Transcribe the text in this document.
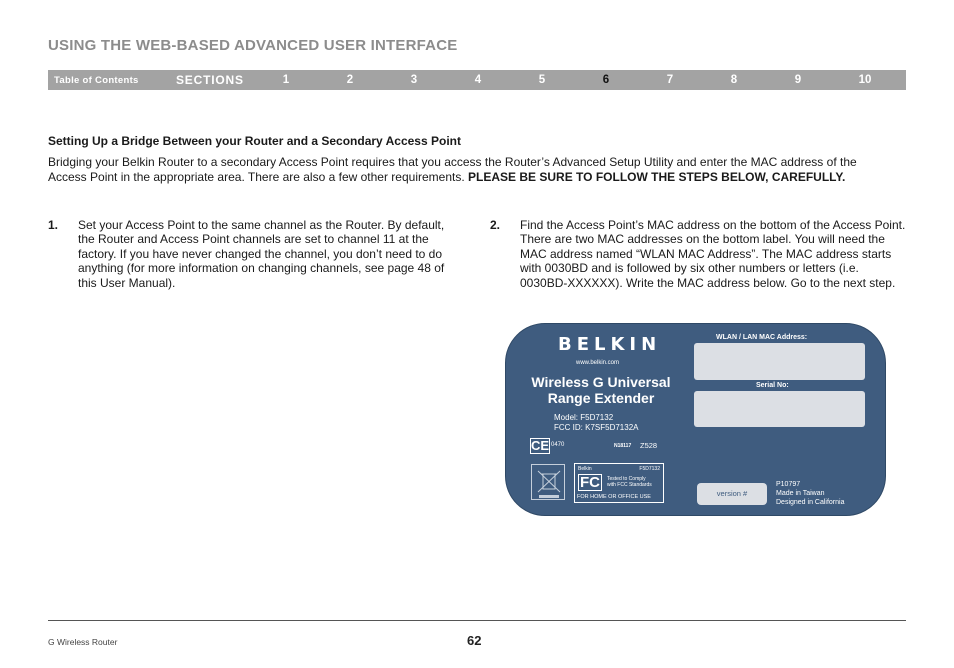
USING THE WEB-BASED ADVANCED USER INTERFACE
Table of Contents	SECTIONS	1	2	3	4	5	6	7	8	9	10
Setting Up a Bridge Between your Router and a Secondary Access Point
Bridging your Belkin Router to a secondary Access Point requires that you access the Router’s Advanced Setup Utility and enter the MAC address of the Access Point in the appropriate area. There are also a few other requirements. PLEASE BE SURE TO FOLLOW THE STEPS BELOW, CAREFULLY.
1. Set your Access Point to the same channel as the Router. By default, the Router and Access Point channels are set to channel 11 at the factory. If you have never changed the channel, you don’t need to do anything (for more information on changing channels, see page 48 of this User Manual).
2. Find the Access Point’s MAC address on the bottom of the Access Point. There are two MAC addresses on the bottom label. You will need the MAC address named “WLAN MAC Address”. The MAC address starts with 0030BD and is followed by six other numbers or letters (i.e. 0030BD-XXXXXX). Write the MAC address below. Go to the next step.
BELKIN
www.belkin.com
Wireless G Universal
Range Extender
Model: F5D7132
FCC ID: K7SF5D7132A
CE 0470	N18117 Z528
Belkin	F5D7132
FC	Tested to Comply
with FCC Standards
FOR HOME OR OFFICE USE
WLAN / LAN MAC Address:
Serial No:
version #
P10797
Made in Taiwan
Designed in California
G Wireless Router	62
